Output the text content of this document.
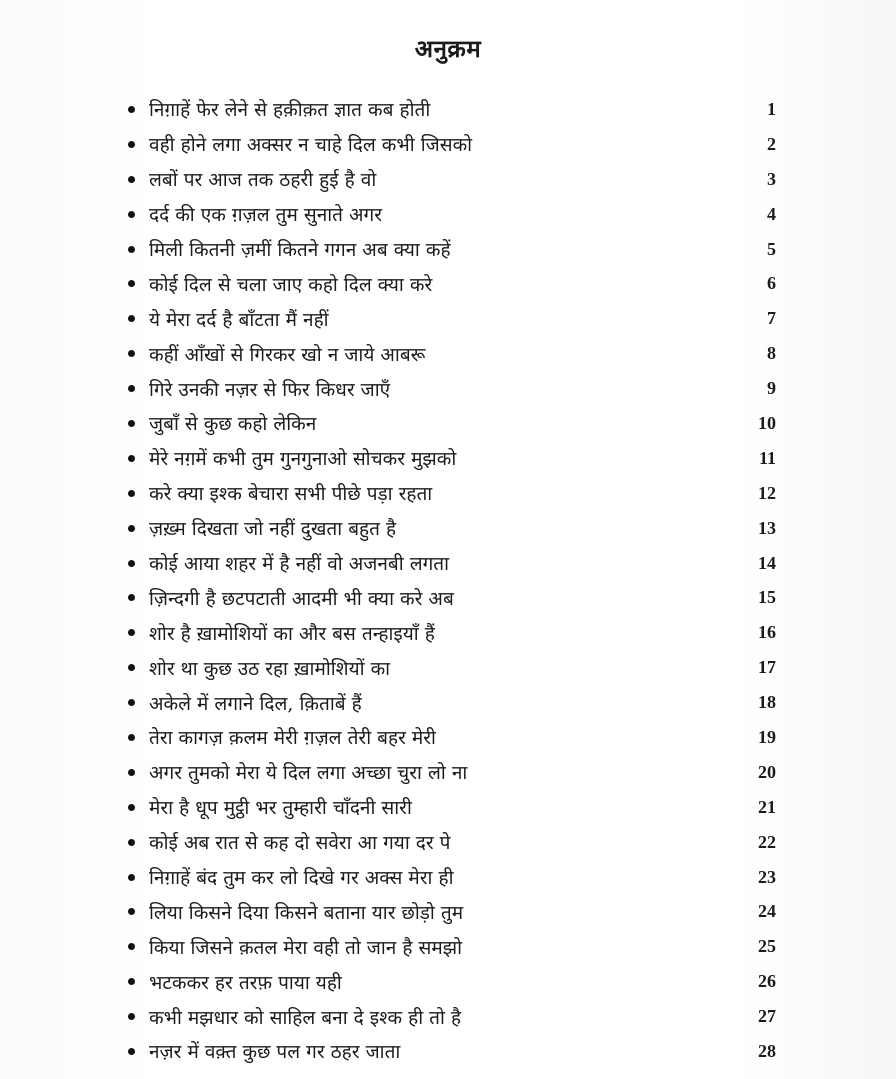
अनुक्रम
निग़ाहें फेर लेने से हक़ीक़त ज्ञात कब होती	1
वही होने लगा अक्सर न चाहे दिल कभी जिसको	2
लबों पर आज तक ठहरी हुई है वो	3
दर्द की एक ग़ज़ल तुम सुनाते अगर	4
मिली कितनी ज़मीं कितने गगन अब क्या कहें	5
कोई दिल से चला जाए कहो दिल क्या करे	6
ये मेरा दर्द है बाँटता मैं नहीं	7
कहीं आँखों से गिरकर खो न जाये आबरू	8
गिरे उनकी नज़र से फिर किधर जाएँ	9
जुबाँ से कुछ कहो लेकिन	10
मेरे नग़में कभी तुम गुनगुनाओ सोचकर मुझको	11
करे क्या इश्क बेचारा सभी पीछे पड़ा रहता	12
ज़ख़्म दिखता जो नहीं दुखता बहुत है	13
कोई आया शहर में है नहीं वो अजनबी लगता	14
ज़िन्दगी है छटपटाती आदमी भी क्या करे अब	15
शोर है ख़ामोशियों का और बस तन्हाइयाँ हैं	16
शोर था कुछ उठ रहा ख़ामोशियों का	17
अकेले में लगाने दिल, क़िताबें हैं	18
तेरा कागज़ क़लम मेरी ग़ज़ल तेरी बहर मेरी	19
अगर तुमको मेरा ये दिल लगा अच्छा चुरा लो ना	20
मेरा है धूप मुट्ठी भर तुम्हारी चाँदनी सारी	21
कोई अब रात से कह दो सवेरा आ गया दर पे	22
निग़ाहें बंद तुम कर लो दिखे गर अक्स मेरा ही	23
लिया किसने दिया किसने बताना यार छोड़ो तुम	24
किया जिसने क़तल मेरा वही तो जान है समझो	25
भटककर हर तरफ़ पाया यही	26
कभी मझधार को साहिल बना दे इश्क ही तो है	27
नज़र में वक़्त कुछ पल गर ठहर जाता	28
